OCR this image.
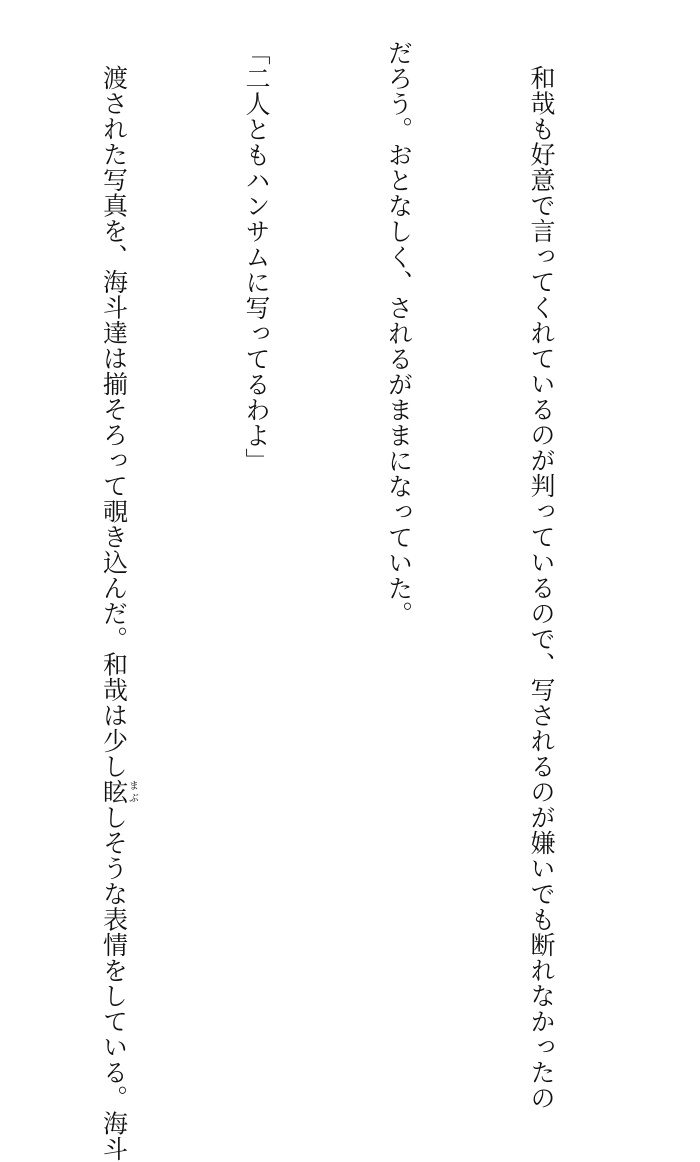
和哉も好意で言ってくれているのが判っているので、写されるのが嫌いでも断れなかったの

だろう。おとなしく、されるがままになっていた。

「二人ともハンサムに写ってるわよ」

渡された写真を、海斗達は揃そろって覗き込んだ。和哉は少し眩まぶしそうな表情をしている。海斗
